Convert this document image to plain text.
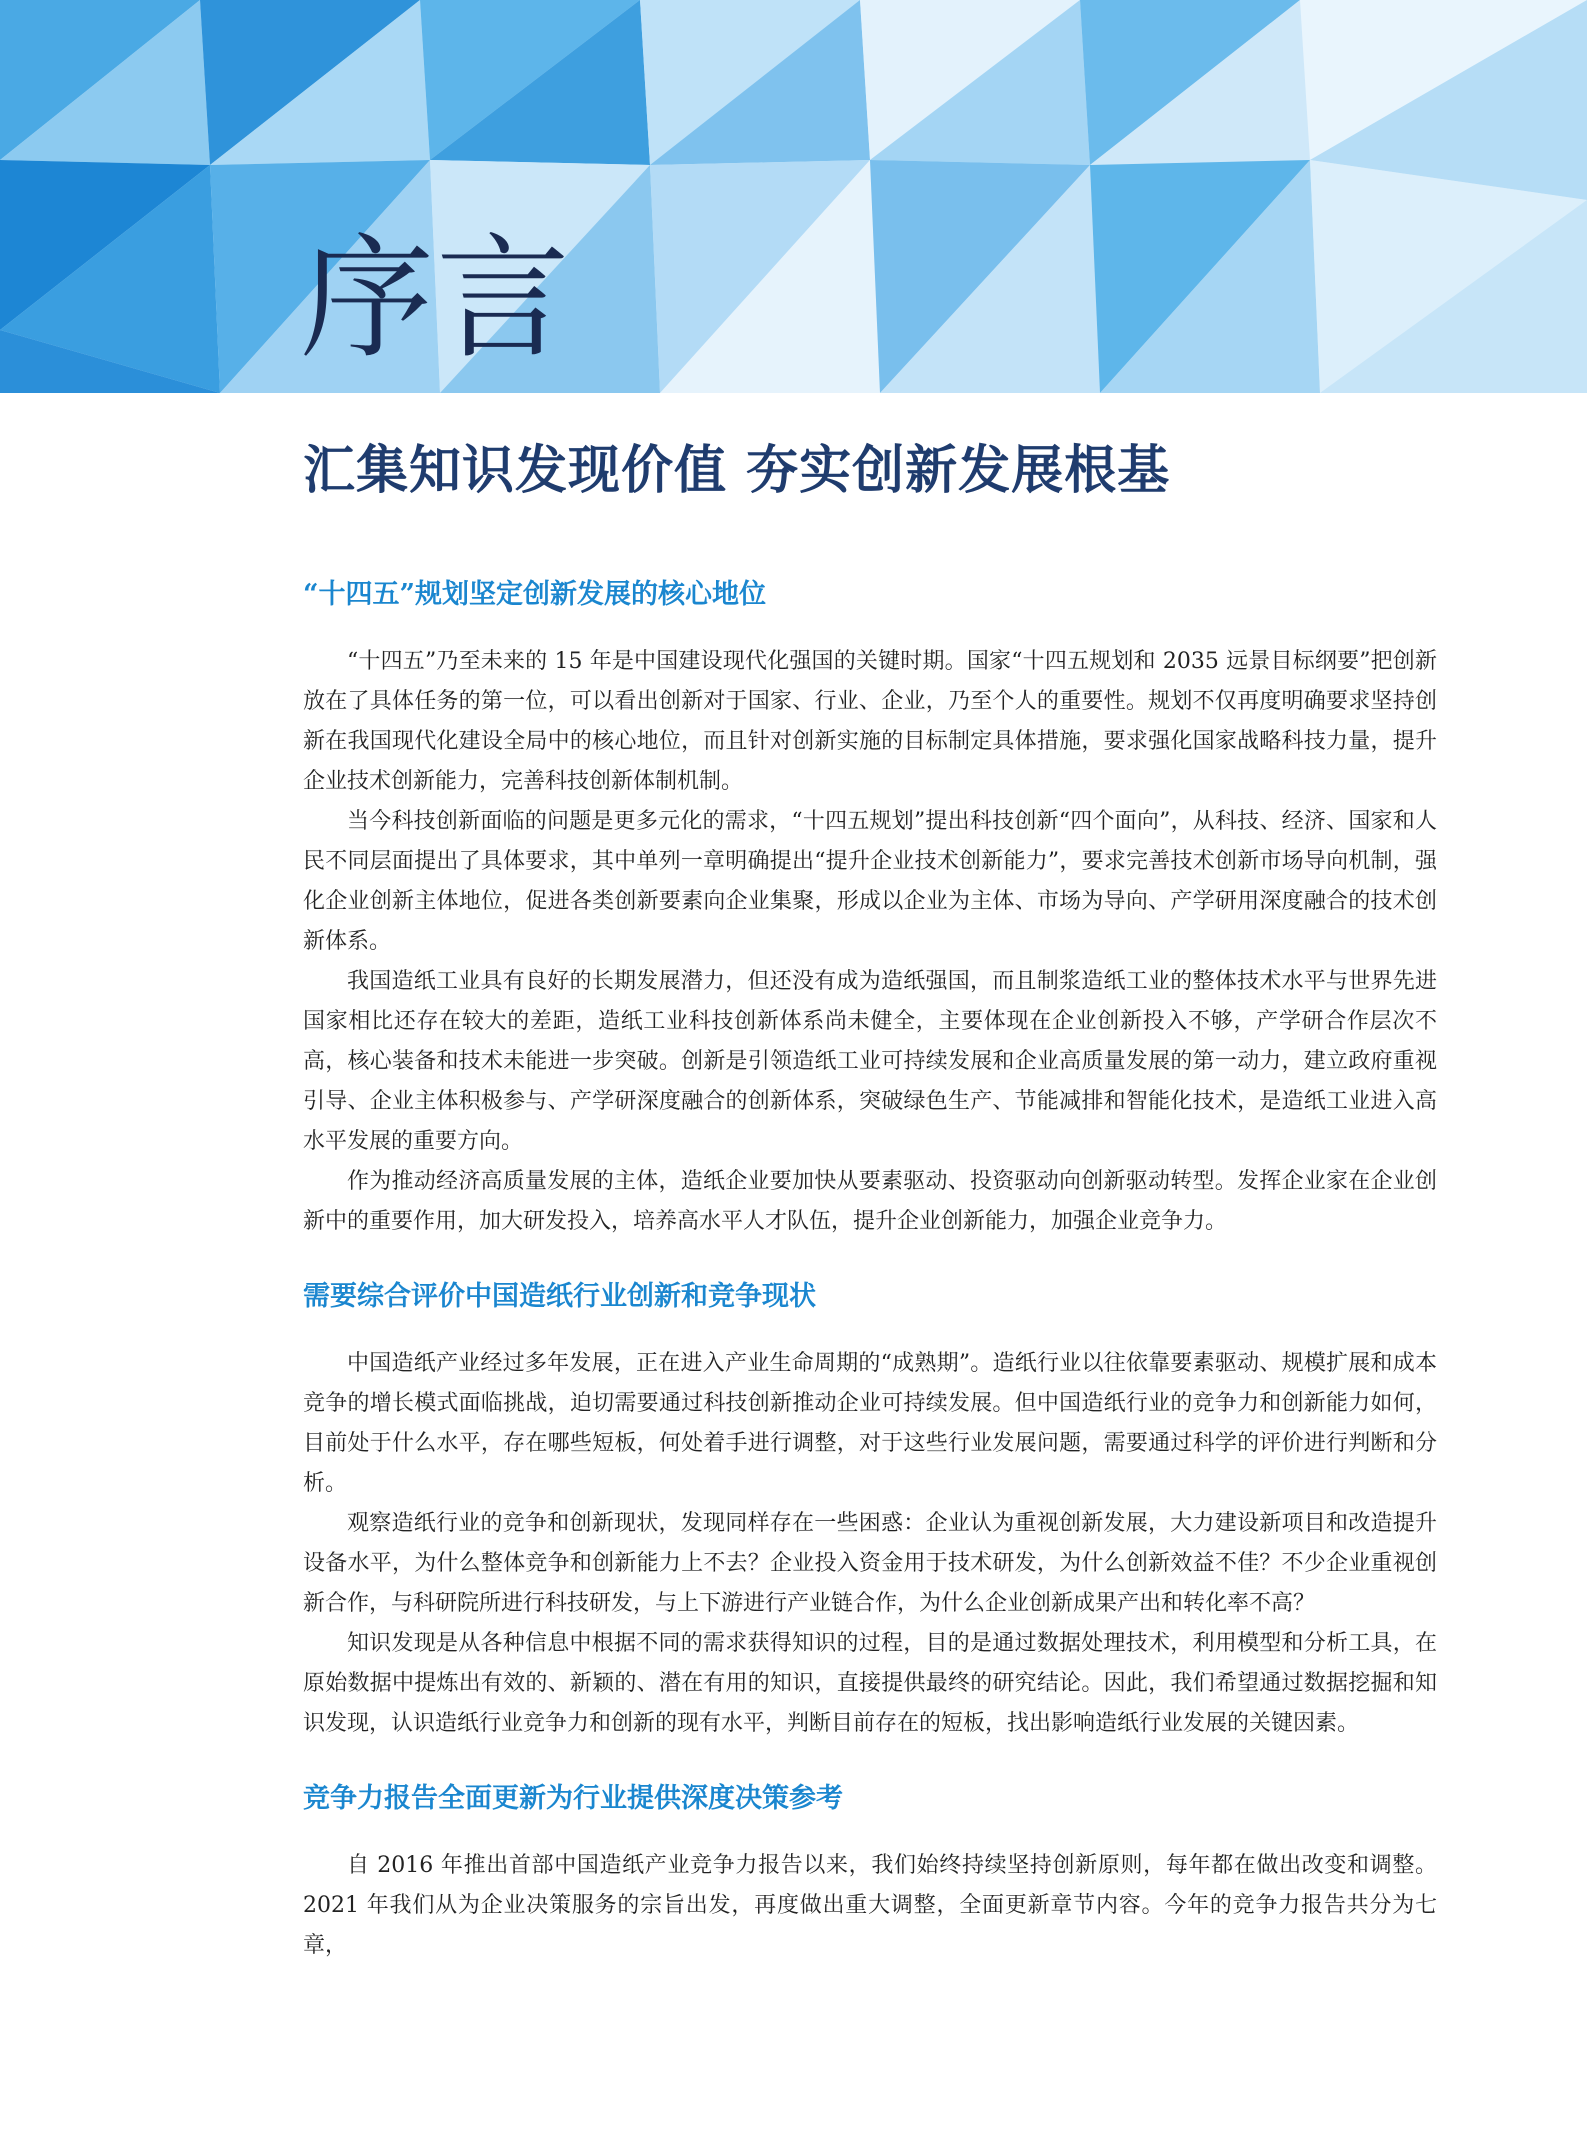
序言
汇集知识发现价值 夯实创新发展根基
“十四五”规划坚定创新发展的核心地位

“十四五”乃至未来的 15 年是中国建设现代化强国的关键时期。国家“十四五规划和 2035 远景目标纲要”把创新放在了具体任务的第一位，可以看出创新对于国家、行业、企业，乃至个人的重要性。规划不仅再度明确要求坚持创新在我国现代化建设全局中的核心地位，而且针对创新实施的目标制定具体措施，要求强化国家战略科技力量，提升企业技术创新能力，完善科技创新体制机制。

当今科技创新面临的问题是更多元化的需求，“十四五规划”提出科技创新“四个面向”，从科技、经济、国家和人民不同层面提出了具体要求，其中单列一章明确提出“提升企业技术创新能力”，要求完善技术创新市场导向机制，强化企业创新主体地位，促进各类创新要素向企业集聚，形成以企业为主体、市场为导向、产学研用深度融合的技术创新体系。

我国造纸工业具有良好的长期发展潜力，但还没有成为造纸强国，而且制浆造纸工业的整体技术水平与世界先进国家相比还存在较大的差距，造纸工业科技创新体系尚未健全，主要体现在企业创新投入不够，产学研合作层次不高，核心装备和技术未能进一步突破。创新是引领造纸工业可持续发展和企业高质量发展的第一动力，建立政府重视引导、企业主体积极参与、产学研深度融合的创新体系，突破绿色生产、节能减排和智能化技术，是造纸工业进入高水平发展的重要方向。

作为推动经济高质量发展的主体，造纸企业要加快从要素驱动、投资驱动向创新驱动转型。发挥企业家在企业创新中的重要作用，加大研发投入，培养高水平人才队伍，提升企业创新能力，加强企业竞争力。

需要综合评价中国造纸行业创新和竞争现状

中国造纸产业经过多年发展，正在进入产业生命周期的“成熟期”。造纸行业以往依靠要素驱动、规模扩展和成本竞争的增长模式面临挑战，迫切需要通过科技创新推动企业可持续发展。但中国造纸行业的竞争力和创新能力如何，目前处于什么水平，存在哪些短板，何处着手进行调整，对于这些行业发展问题，需要通过科学的评价进行判断和分析。

观察造纸行业的竞争和创新现状，发现同样存在一些困惑：企业认为重视创新发展，大力建设新项目和改造提升设备水平，为什么整体竞争和创新能力上不去？企业投入资金用于技术研发，为什么创新效益不佳？不少企业重视创新合作，与科研院所进行科技研发，与上下游进行产业链合作，为什么企业创新成果产出和转化率不高？

知识发现是从各种信息中根据不同的需求获得知识的过程，目的是通过数据处理技术，利用模型和分析工具，在原始数据中提炼出有效的、新颖的、潜在有用的知识，直接提供最终的研究结论。因此，我们希望通过数据挖掘和知识发现，认识造纸行业竞争力和创新的现有水平，判断目前存在的短板，找出影响造纸行业发展的关键因素。

竞争力报告全面更新为行业提供深度决策参考

自 2016 年推出首部中国造纸产业竞争力报告以来，我们始终持续坚持创新原则，每年都在做出改变和调整。2021 年我们从为企业决策服务的宗旨出发，再度做出重大调整，全面更新章节内容。今年的竞争力报告共分为七章，
